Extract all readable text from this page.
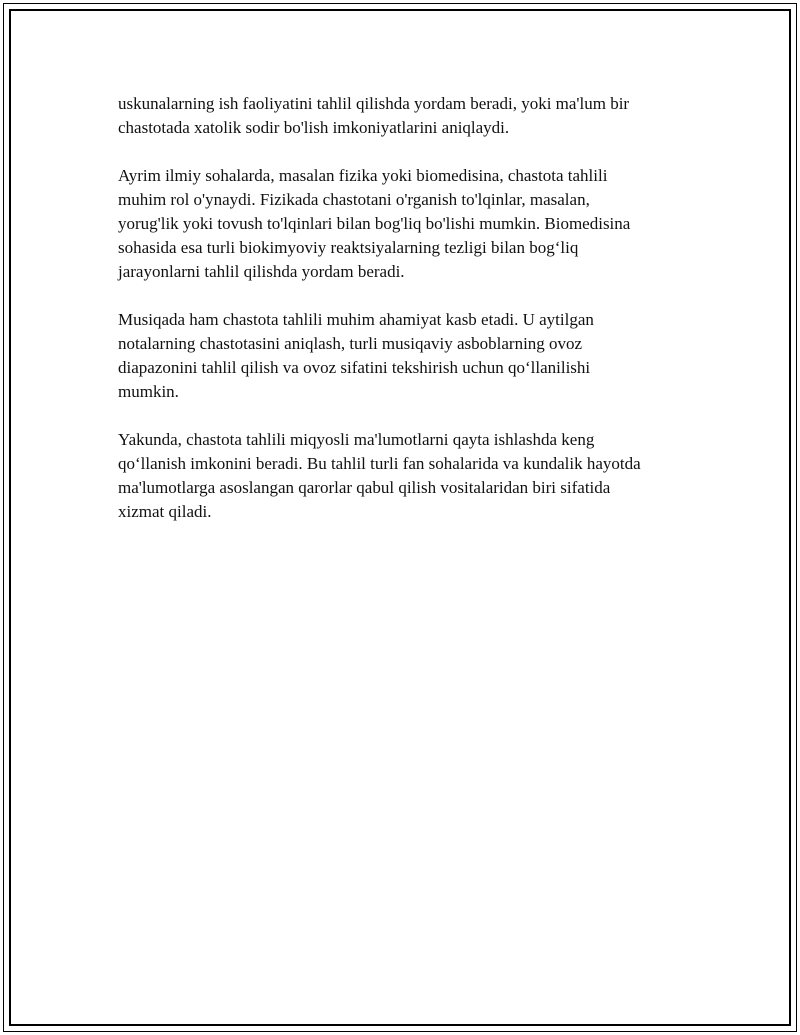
uskunalarning ish faoliyatini tahlil qilishda yordam beradi, yoki ma'lum bir
chastotada xatolik sodir bo'lish imkoniyatlarini aniqlaydi.
Ayrim ilmiy sohalarda, masalan fizika yoki biomedisina, chastota tahlili
muhim rol o'ynaydi. Fizikada chastotani o'rganish to'lqinlar, masalan,
yorug'lik yoki tovush to'lqinlari bilan bog'liq bo'lishi mumkin. Biomedisina
sohasida esa turli biokimyoviy reaktsiyalarning tezligi bilan bog‘liq
jarayonlarni tahlil qilishda yordam beradi.
Musiqada ham chastota tahlili muhim ahamiyat kasb etadi. U aytilgan
notalarning chastotasini aniqlash, turli musiqaviy asboblarning ovoz
diapazonini tahlil qilish va ovoz sifatini tekshirish uchun qo‘llanilishi
mumkin.
Yakunda, chastota tahlili miqyosli ma'lumotlarni qayta ishlashda keng
qo‘llanish imkonini beradi. Bu tahlil turli fan sohalarida va kundalik hayotda
ma'lumotlarga asoslangan qarorlar qabul qilish vositalaridan biri sifatida
xizmat qiladi.
